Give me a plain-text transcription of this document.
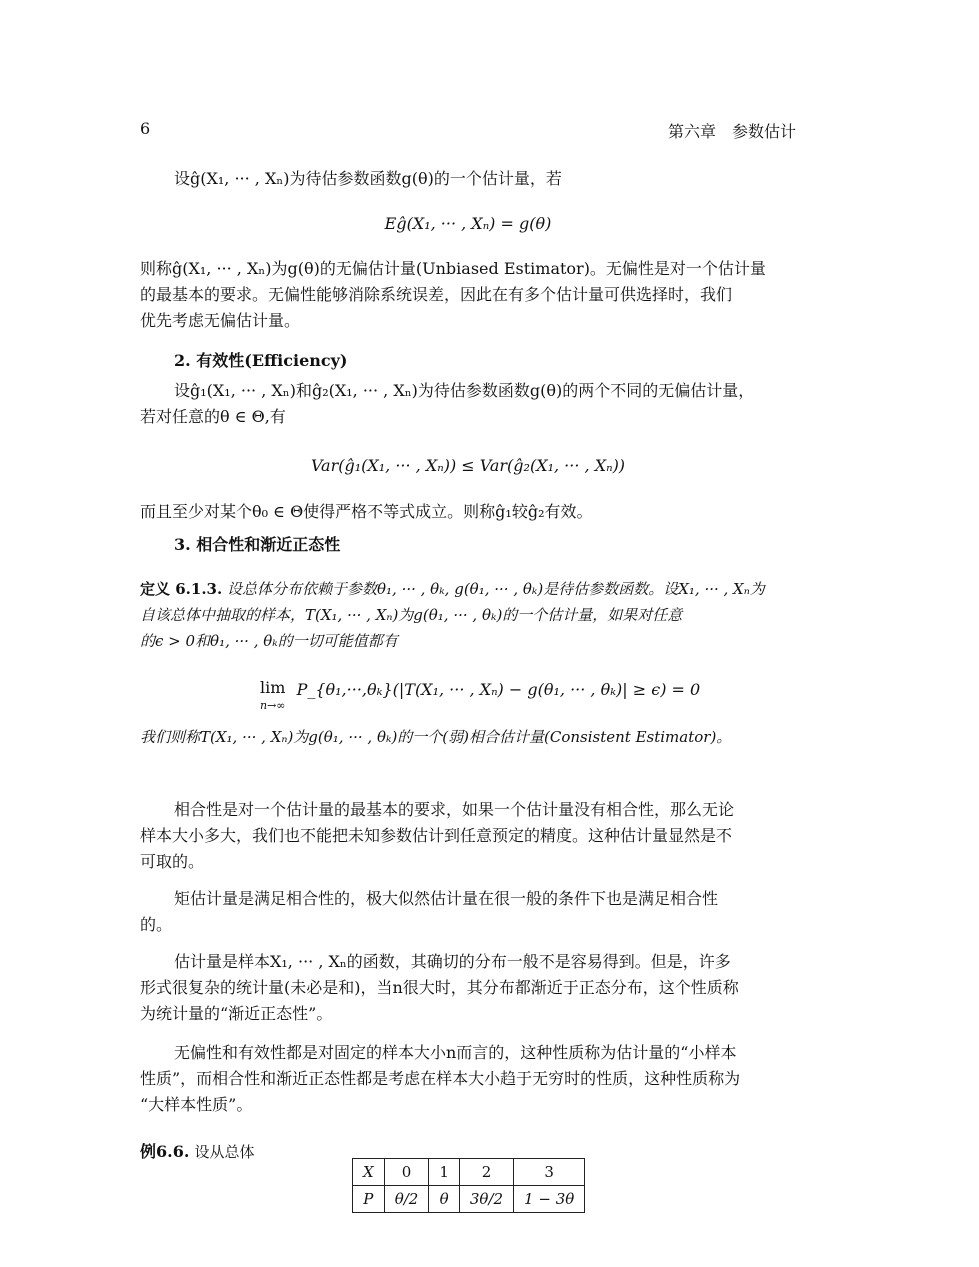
6	第六章　参数估计
设ĝ(X₁, ··· , Xₙ)为待估参数函数g(θ)的一个估计量，若
Eĝ(X₁, ··· , Xₙ) = g(θ)
则称ĝ(X₁, ··· , Xₙ)为g(θ)的无偏估计量(Unbiased Estimator)。无偏性是对一个估计量
的最基本的要求。无偏性能够消除系统误差，因此在有多个估计量可供选择时，我们
优先考虑无偏估计量。
2. 有效性(Efficiency)
设ĝ₁(X₁, ··· , Xₙ)和ĝ₂(X₁, ··· , Xₙ)为待估参数函数g(θ)的两个不同的无偏估计量，
若对任意的θ ∈ Θ,有
Var(ĝ₁(X₁, ··· , Xₙ)) ≤ Var(ĝ₂(X₁, ··· , Xₙ))
而且至少对某个θ₀ ∈ Θ使得严格不等式成立。则称ĝ₁较ĝ₂有效。
3. 相合性和渐近正态性
定义 6.1.3. 设总体分布依赖于参数θ₁, ··· , θₖ, g(θ₁, ··· , θₖ)是待估参数函数。设X₁, ··· , Xₙ为
自该总体中抽取的样本，T(X₁, ··· , Xₙ)为g(θ₁, ··· , θₖ)的一个估计量，如果对任意
的ϵ > 0和θ₁, ··· , θₖ的一切可能值都有
lim
n→∞ P_{θ₁,···,θₖ}(|T(X₁, ··· , Xₙ) − g(θ₁, ··· , θₖ)| ≥ ϵ) = 0
我们则称T(X₁, ··· , Xₙ)为g(θ₁, ··· , θₖ)的一个(弱)相合估计量(Consistent Estimator)。
相合性是对一个估计量的最基本的要求，如果一个估计量没有相合性，那么无论
样本大小多大，我们也不能把未知参数估计到任意预定的精度。这种估计量显然是不
可取的。
矩估计量是满足相合性的，极大似然估计量在很一般的条件下也是满足相合性
的。
估计量是样本X₁, ··· , Xₙ的函数，其确切的分布一般不是容易得到。但是，许多
形式很复杂的统计量(未必是和)，当n很大时，其分布都渐近于正态分布，这个性质称
为统计量的“渐近正态性”。
无偏性和有效性都是对固定的样本大小n而言的，这种性质称为估计量的“小样本
性质”，而相合性和渐近正态性都是考虑在样本大小趋于无穷时的性质，这种性质称为
“大样本性质”。
例6.6. 设从总体
X	0	1	2	3
P	θ/2	θ	3θ/2	1 − 3θ
